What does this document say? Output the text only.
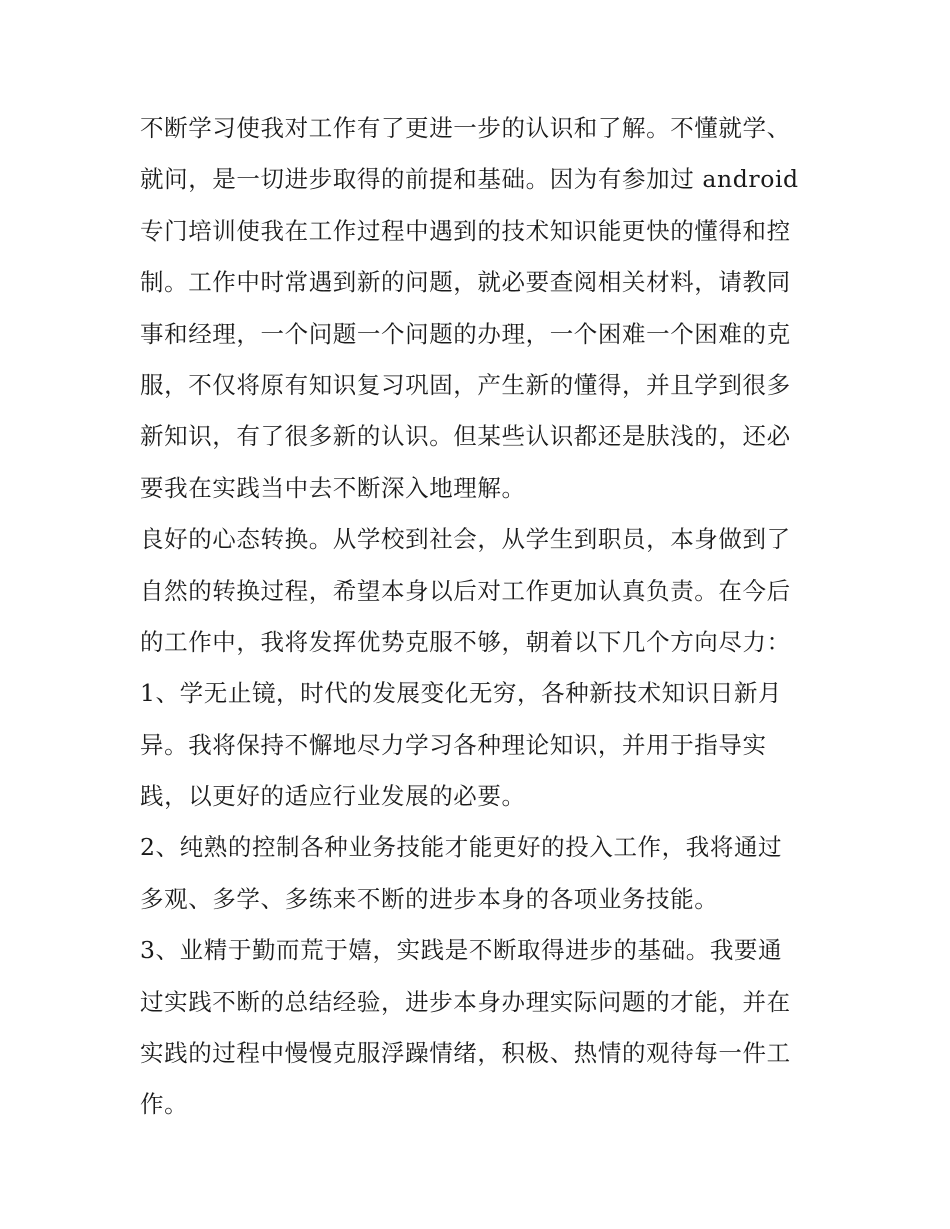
不断学习使我对工作有了更进一步的认识和了解。不懂就学、
就问，是一切进步取得的前提和基础。因为有参加过 android
专门培训使我在工作过程中遇到的技术知识能更快的懂得和控
制。工作中时常遇到新的问题，就必要查阅相关材料，请教同
事和经理，一个问题一个问题的办理，一个困难一个困难的克
服，不仅将原有知识复习巩固，产生新的懂得，并且学到很多
新知识，有了很多新的认识。但某些认识都还是肤浅的，还必
要我在实践当中去不断深入地理解。
良好的心态转换。从学校到社会，从学生到职员，本身做到了
自然的转换过程，希望本身以后对工作更加认真负责。在今后
的工作中，我将发挥优势克服不够，朝着以下几个方向尽力：
1、学无止镜，时代的发展变化无穷，各种新技术知识日新月
异。我将保持不懈地尽力学习各种理论知识，并用于指导实
践，以更好的适应行业发展的必要。
2、纯熟的控制各种业务技能才能更好的投入工作，我将通过
多观、多学、多练来不断的进步本身的各项业务技能。
3、业精于勤而荒于嬉，实践是不断取得进步的基础。我要通
过实践不断的总结经验，进步本身办理实际问题的才能，并在
实践的过程中慢慢克服浮躁情绪，积极、热情的观待每一件工
作。
